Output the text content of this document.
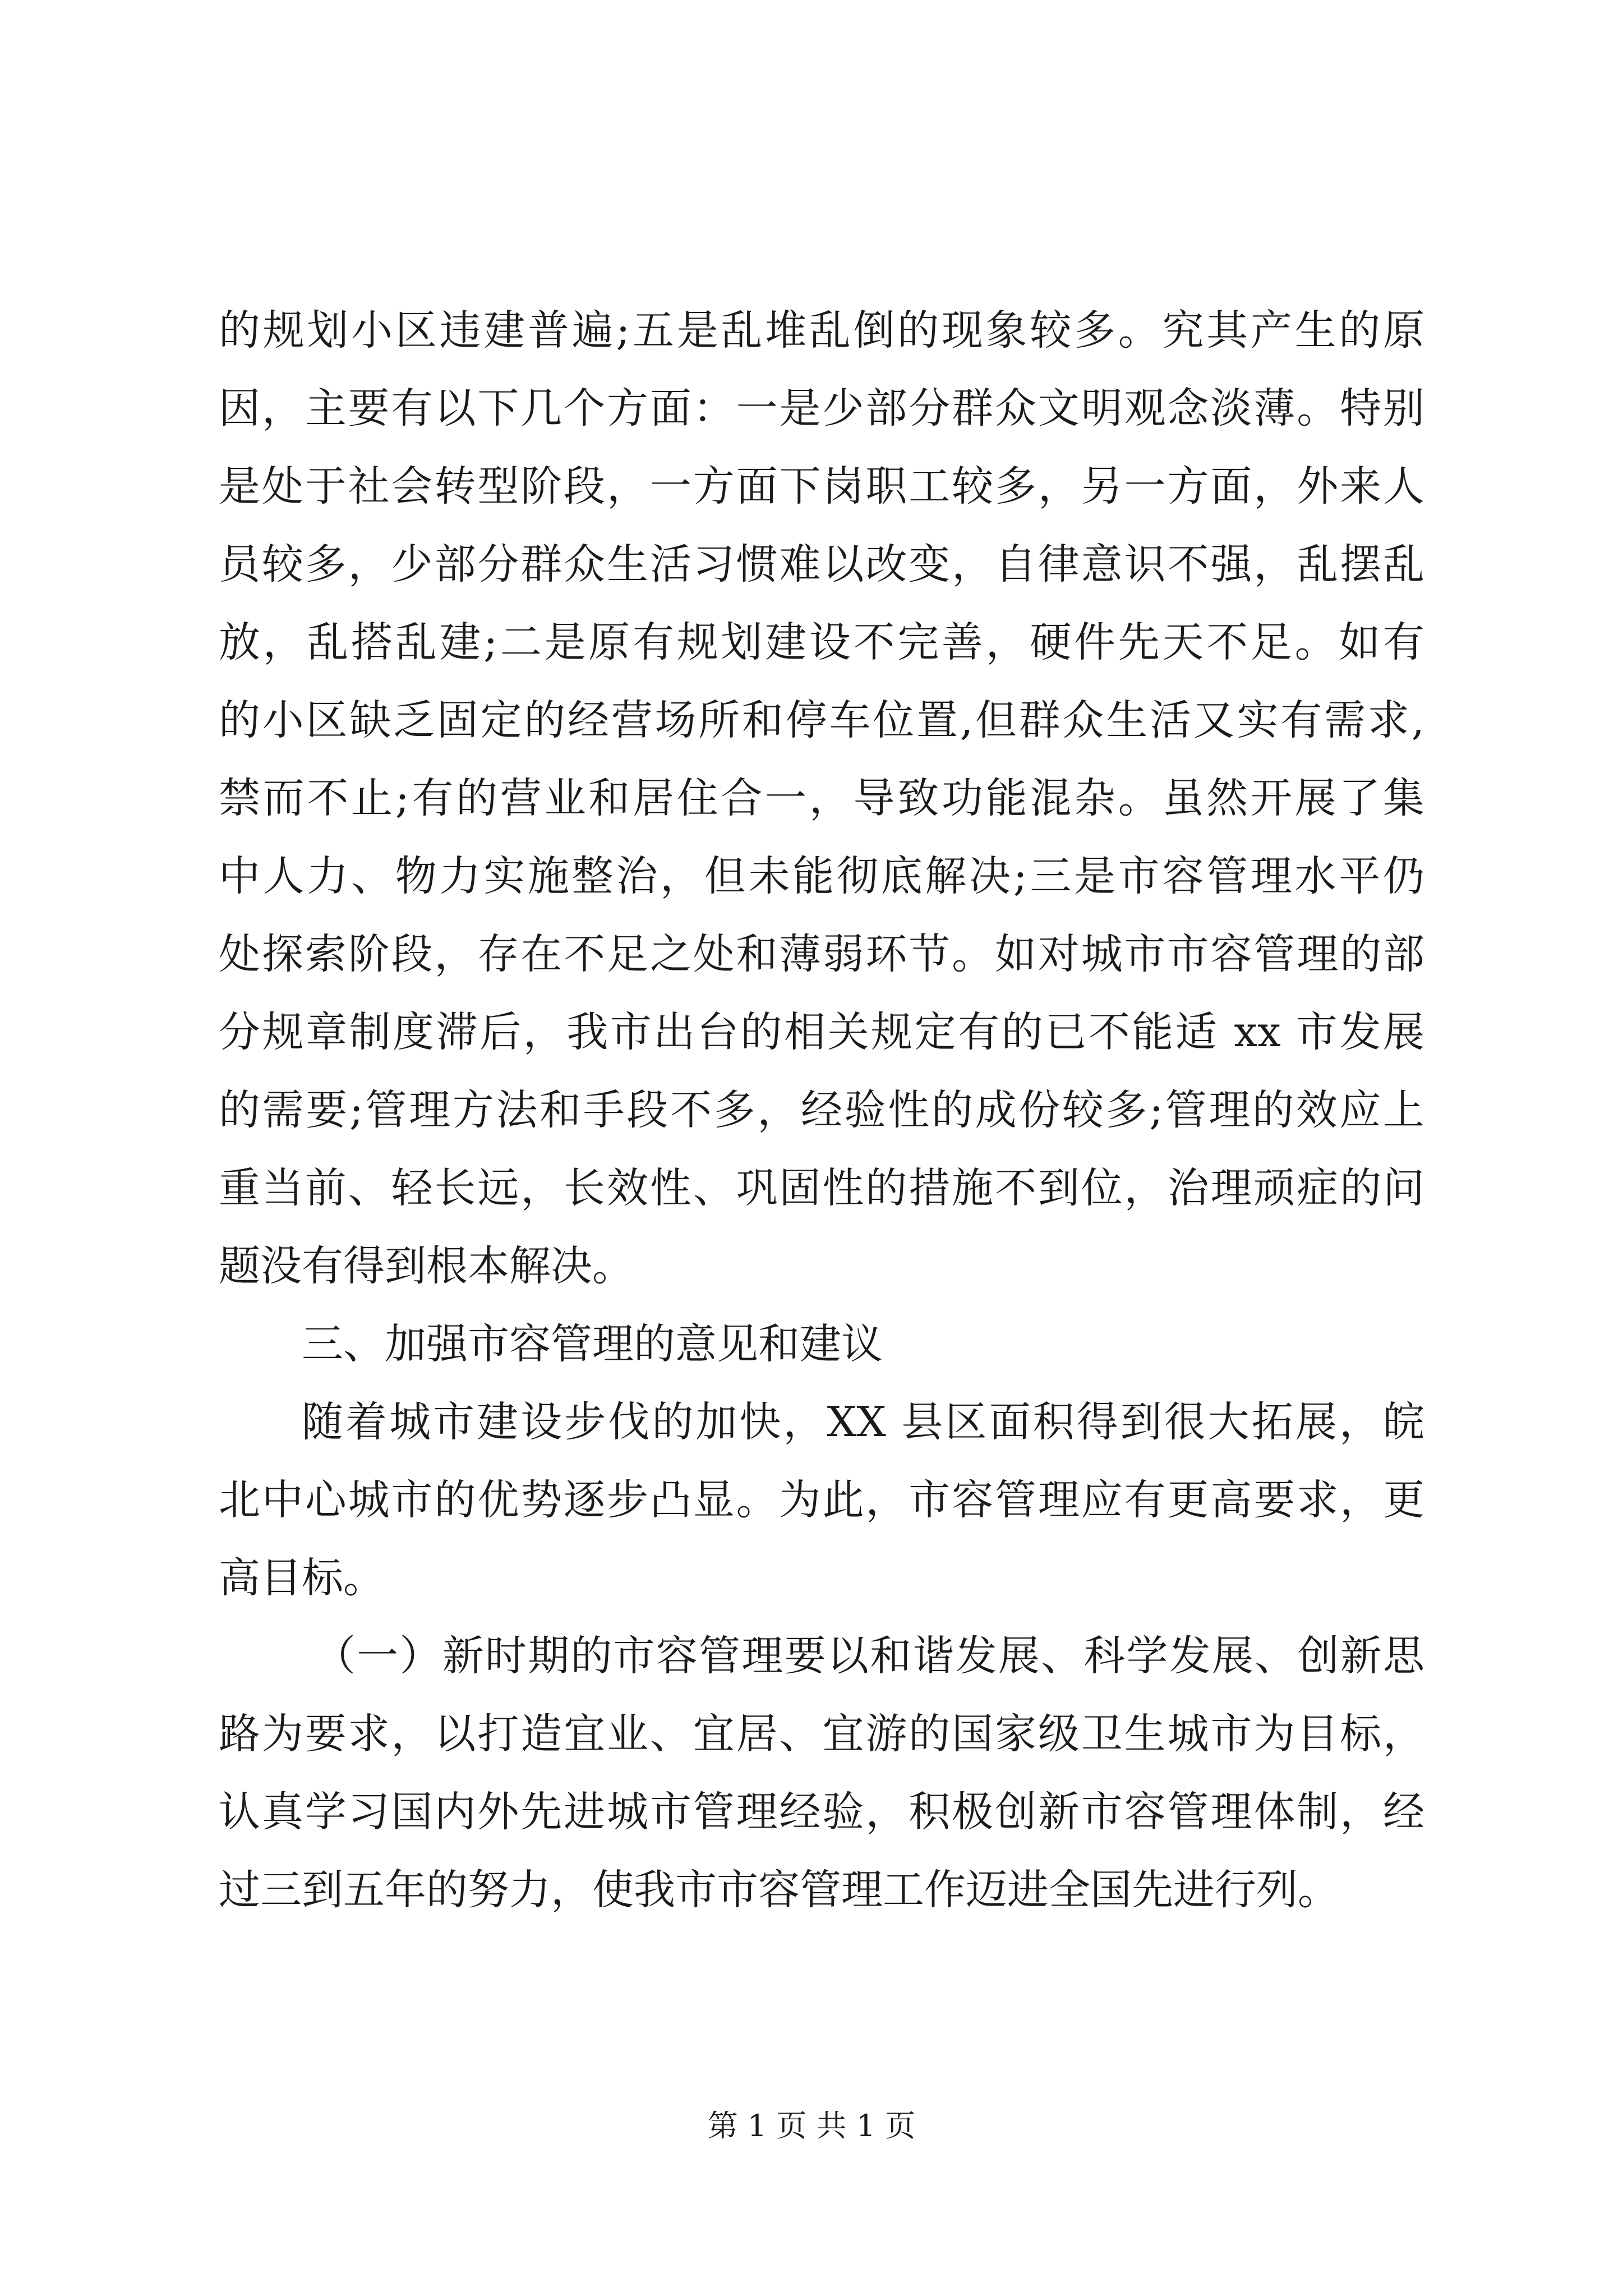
的规划小区违建普遍;五是乱堆乱倒的现象较多。究其产生的原
因，主要有以下几个方面：一是少部分群众文明观念淡薄。特别
是处于社会转型阶段，一方面下岗职工较多，另一方面，外来人
员较多，少部分群众生活习惯难以改变，自律意识不强，乱摆乱
放，乱搭乱建;二是原有规划建设不完善，硬件先天不足。如有
的小区缺乏固定的经营场所和停车位置,但群众生活又实有需求,
禁而不止;有的营业和居住合一，导致功能混杂。虽然开展了集
中人力、物力实施整治，但未能彻底解决;三是市容管理水平仍
处探索阶段，存在不足之处和薄弱环节。如对城市市容管理的部
分规章制度滞后，我市出台的相关规定有的已不能适 xx 市发展
的需要;管理方法和手段不多，经验性的成份较多;管理的效应上
重当前、轻长远，长效性、巩固性的措施不到位，治理顽症的问
题没有得到根本解决。
三、加强市容管理的意见和建议
随着城市建设步伐的加快，XX 县区面积得到很大拓展，皖
北中心城市的优势逐步凸显。为此，市容管理应有更高要求，更
高目标。
（一）新时期的市容管理要以和谐发展、科学发展、创新思
路为要求，以打造宜业、宜居、宜游的国家级卫生城市为目标，
认真学习国内外先进城市管理经验，积极创新市容管理体制，经
过三到五年的努力，使我市市容管理工作迈进全国先进行列。
第 1 页 共 1 页
